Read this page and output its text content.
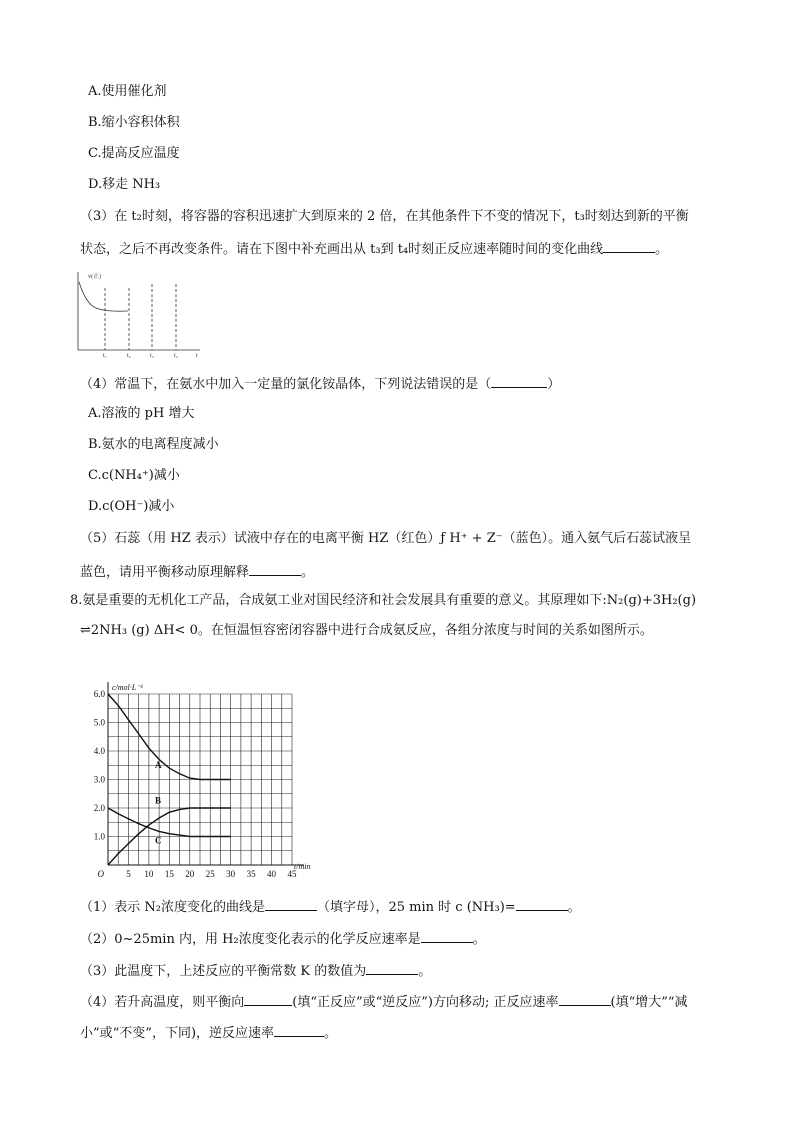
A.使用催化剂
B.缩小容积体积
C.提高反应温度
D.移走 NH₃
（3）在 t₂时刻，将容器的容积迅速扩大到原来的 2 倍，在其他条件下不变的情况下，t₃时刻达到新的平衡
状态，之后不再改变条件。请在下图中补充画出从 t₃到 t₄时刻正反应速率随时间的变化曲线	。
v(正)
t₁	t₂	t₃	t₄	t
（4）常温下，在氨水中加入一定量的氯化铵晶体，下列说法错误的是（	）
A.溶液的 pH 增大
B.氨水的电离程度减小
C.c(NH₄⁺)减小
D.c(OH⁻)减小
（5）石蕊（用 HZ 表示）试液中存在的电离平衡 HZ（红色）ƒ H⁺ + Z⁻（蓝色）。通入氨气后石蕊试液呈
蓝色，请用平衡移动原理解释	。
8.氨是重要的无机化工产品，合成氨工业对国民经济和社会发展具有重要的意义。其原理如下:N₂(g)+3H₂(g)
⇌2NH₃ (g) ΔH< 0。在恒温恒容密闭容器中进行合成氨反应，各组分浓度与时间的关系如图所示。
5 10 15 20 25 30 35 40 45
1.0
2.0
3.0
4.0
5.0
6.0
O
c/mol·L⁻¹
t/min
A
B
C
（1）表示 N₂浓度变化的曲线是	（填字母），25 min 时 c (NH₃)=	。
（2）0~25min 内，用 H₂浓度变化表示的化学反应速率是	。
（3）此温度下，上述反应的平衡常数 K 的数值为	。
（4）若升高温度，则平衡向	(填“正反应”或“逆反应”)方向移动; 正反应速率	(填“增大”“减
小”或“不变”，下同)，逆反应速率	。
